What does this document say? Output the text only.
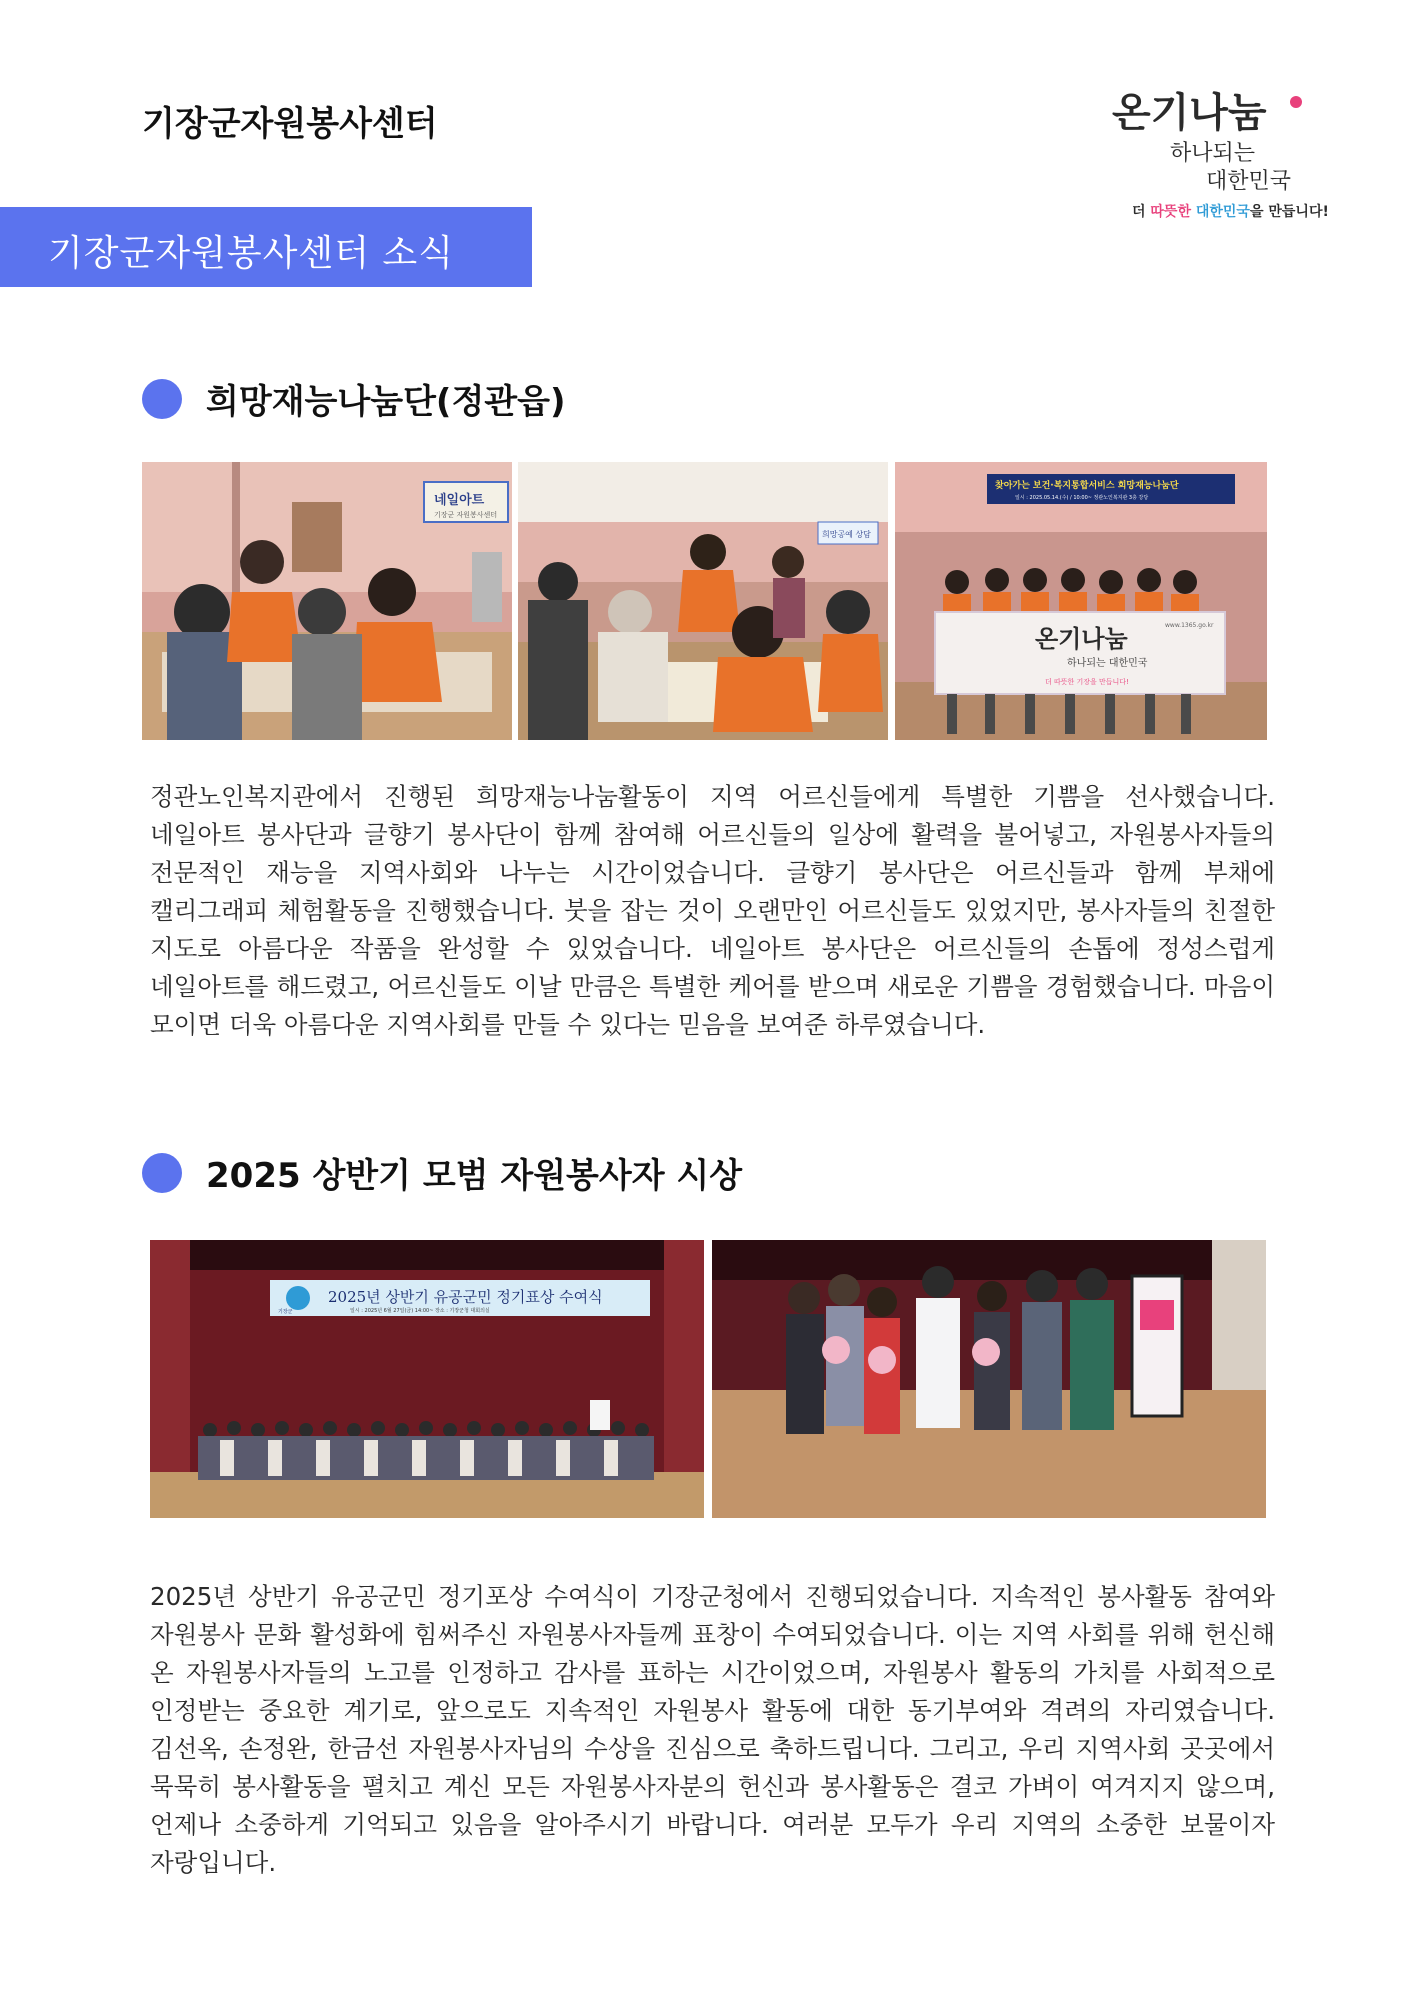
기장군자원봉사센터	온기나눔
하나되는
대한민국
더 따뜻한 대한민국을 만듭니다!
기장군자원봉사센터 소식
희망재능나눔단(정관읍)
네일아트
기장군 자원봉사센터
희망공예 상담
찾아가는 보건·복지통합서비스 희망재능나눔단
일시 : 2025.05.14.(수) / 10:00~ 정관노인복지관 3층 강당
온기나눔
하나되는 대한민국
더 따뜻한 기장을 만듭니다!
www.1365.go.kr

정관노인복지관에서 진행된 희망재능나눔활동이 지역 어르신들에게 특별한 기쁨을 선사했습니다. 네일아트 봉사단과 글향기 봉사단이 함께 참여해 어르신들의 일상에 활력을 불어넣고, 자원봉사자들의 전문적인 재능을 지역사회와 나누는 시간이었습니다. 글향기 봉사단은 어르신들과 함께 부채에 캘리그래피 체험활동을 진행했습니다. 붓을 잡는 것이 오랜만인 어르신들도 있었지만, 봉사자들의 친절한 지도로 아름다운 작품을 완성할 수 있었습니다. 네일아트 봉사단은 어르신들의 손톱에 정성스럽게 네일아트를 해드렸고, 어르신들도 이날 만큼은 특별한 케어를 받으며 새로운 기쁨을 경험했습니다. 마음이 모이면 더욱 아름다운 지역사회를 만들 수 있다는 믿음을 보여준 하루였습니다.

2025 상반기 모범 자원봉사자 시상
기장군
2025년 상반기 유공군민 정기표상 수여식
일시 : 2025년 6월 27일(금) 14:00~ 장소 : 기장군청 대회의실

2025년 상반기 유공군민 정기포상 수여식이 기장군청에서 진행되었습니다. 지속적인 봉사활동 참여와 자원봉사 문화 활성화에 힘써주신 자원봉사자들께 표창이 수여되었습니다. 이는 지역 사회를 위해 헌신해 온 자원봉사자들의 노고를 인정하고 감사를 표하는 시간이었으며, 자원봉사 활동의 가치를 사회적으로 인정받는 중요한 계기로, 앞으로도 지속적인 자원봉사 활동에 대한 동기부여와 격려의 자리였습니다. 김선옥, 손정완, 한금선 자원봉사자님의 수상을 진심으로 축하드립니다. 그리고, 우리 지역사회 곳곳에서 묵묵히 봉사활동을 펼치고 계신 모든 자원봉사자분의 헌신과 봉사활동은 결코 가벼이 여겨지지 않으며, 언제나 소중하게 기억되고 있음을 알아주시기 바랍니다. 여러분 모두가 우리 지역의 소중한 보물이자 자랑입니다.
